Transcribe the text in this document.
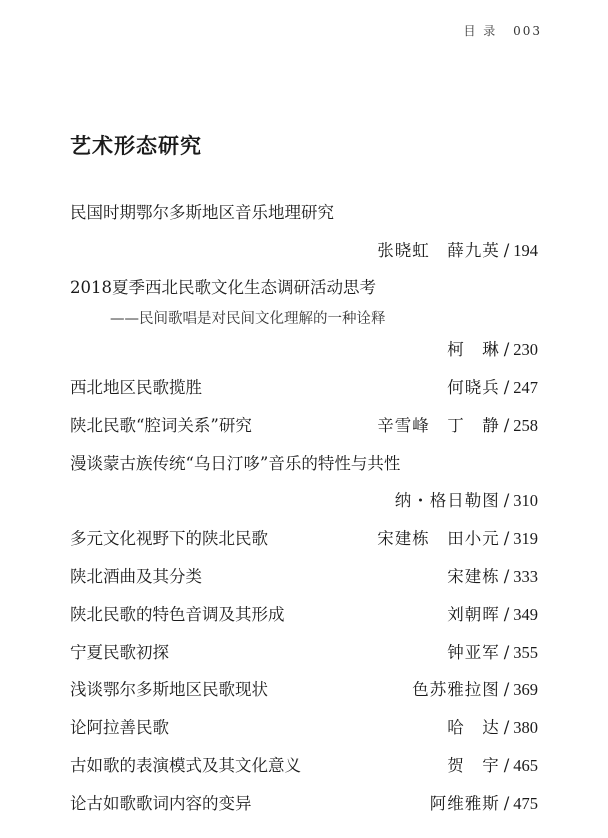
目 录 003
艺术形态研究
民国时期鄂尔多斯地区音乐地理研究
张晓虹　薛九英 / 194
2018夏季西北民歌文化生态调研活动思考
——民间歌唱是对民间文化理解的一种诠释
柯　琳 / 230
西北地区民歌揽胜	何晓兵 / 247
陕北民歌“腔词关系”研究	辛雪峰　丁　静 / 258
漫谈蒙古族传统“乌日汀哆”音乐的特性与共性
纳・格日勒图 / 310
多元文化视野下的陕北民歌	宋建栋　田小元 / 319
陕北酒曲及其分类	宋建栋 / 333
陕北民歌的特色音调及其形成	刘朝晖 / 349
宁夏民歌初探	钟亚军 / 355
浅谈鄂尔多斯地区民歌现状	色苏雅拉图 / 369
论阿拉善民歌	哈　达 / 380
古如歌的表演模式及其文化意义	贺　宇 / 465
论古如歌歌词内容的变异	阿维雅斯 / 475
